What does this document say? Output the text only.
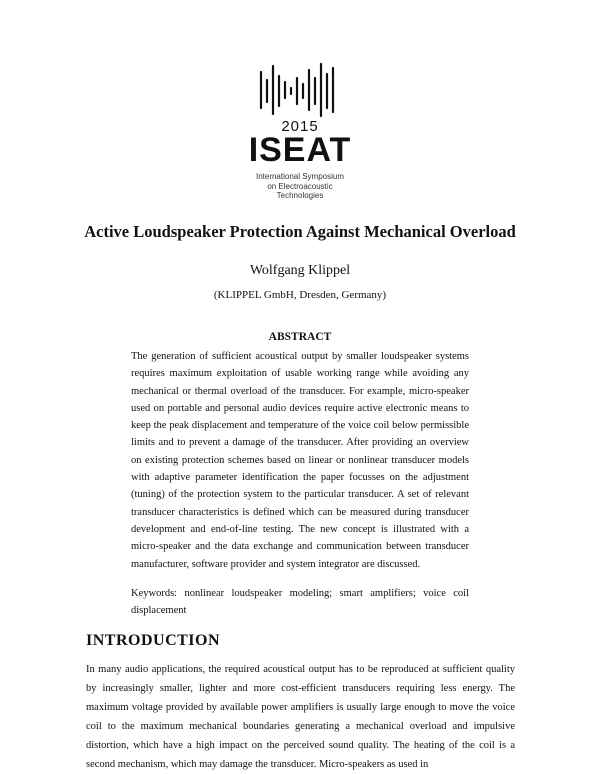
2015
ISEAT
International Symposium
on Electroacoustic
Technologies
Active Loudspeaker Protection Against Mechanical Overload
Wolfgang Klippel
(KLIPPEL GmbH, Dresden, Germany)
ABSTRACT
The generation of sufficient acoustical output by smaller loudspeaker systems requires maximum exploitation of usable working range while avoiding any mechanical or thermal overload of the transducer. For example, micro-speaker used on portable and personal audio devices require active electronic means to keep the peak displacement and temperature of the voice coil below permissible limits and to prevent a damage of the transducer. After providing an overview on existing protection schemes based on linear or nonlinear transducer models with adaptive parameter identification the paper focusses on the adjustment (tuning) of the protection system to the particular transducer. A set of relevant transducer characteristics is defined which can be measured during transducer development and end-of-line testing. The new concept is illustrated with a micro-speaker and the data exchange and communication between transducer manufacturer, software provider and system integrator are discussed.
Keywords: nonlinear loudspeaker modeling; smart amplifiers; voice coil displacement
INTRODUCTION
In many audio applications, the required acoustical output has to be reproduced at sufficient quality by increasingly smaller, lighter and more cost-efficient transducers requiring less energy. The maximum voltage provided by available power amplifiers is usually large enough to move the voice coil to the maximum mechanical boundaries generating a mechanical overload and impulsive distortion, which have a high impact on the perceived sound quality. The heating of the coil is a second mechanism, which may damage the transducer. Micro-speakers as used in
